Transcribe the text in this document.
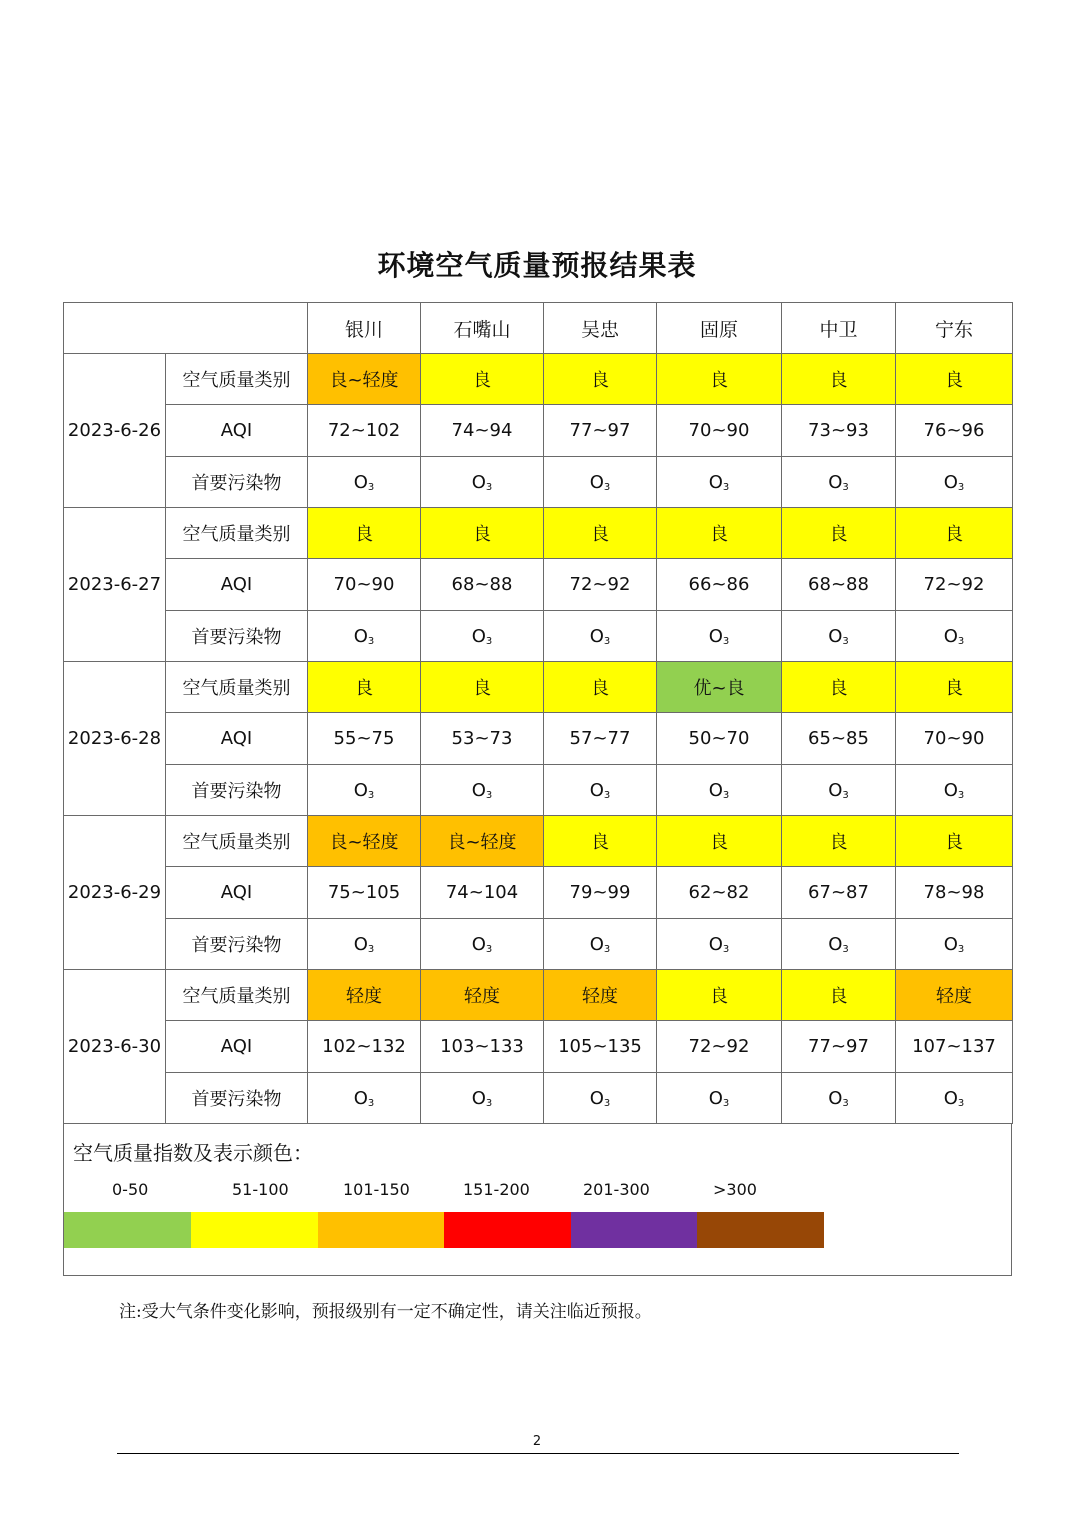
环境空气质量预报结果表
		银川	石嘴山	吴忠	固原	中卫	宁东
2023-6-26	空气质量类别	良~轻度	良	良	良	良	良
	AQI	72~102	74~94	77~97	70~90	73~93	76~96
	首要污染物	$O_3$	$O_3$	$O_3$	$O_3$	$O_3$	$O_3$
2023-6-27	空气质量类别	良	良	良	良	良	良
	AQI	70~90	68~88	72~92	66~86	68~88	72~92
	首要污染物	$O_3$	$O_3$	$O_3$	$O_3$	$O_3$	$O_3$
2023-6-28	空气质量类别	良	良	良	优~良	良	良
	AQI	55~75	53~73	57~77	50~70	65~85	70~90
	首要污染物	$O_3$	$O_3$	$O_3$	$O_3$	$O_3$	$O_3$
2023-6-29	空气质量类别	良~轻度	良~轻度	良	良	良	良
	AQI	75~105	74~104	79~99	62~82	67~87	78~98
	首要污染物	$O_3$	$O_3$	$O_3$	$O_3$	$O_3$	$O_3$
2023-6-30	空气质量类别	轻度	轻度	轻度	良	良	轻度
	AQI	102~132	103~133	105~135	72~92	77~97	107~137
	首要污染物	$O_3$	$O_3$	$O_3$	$O_3$	$O_3$	$O_3$
空气质量指数及表示颜色：
0-50	51-100	101-150	151-200	201-300	>300
注:受大气条件变化影响，预报级别有一定不确定性，请关注临近预报。
2
